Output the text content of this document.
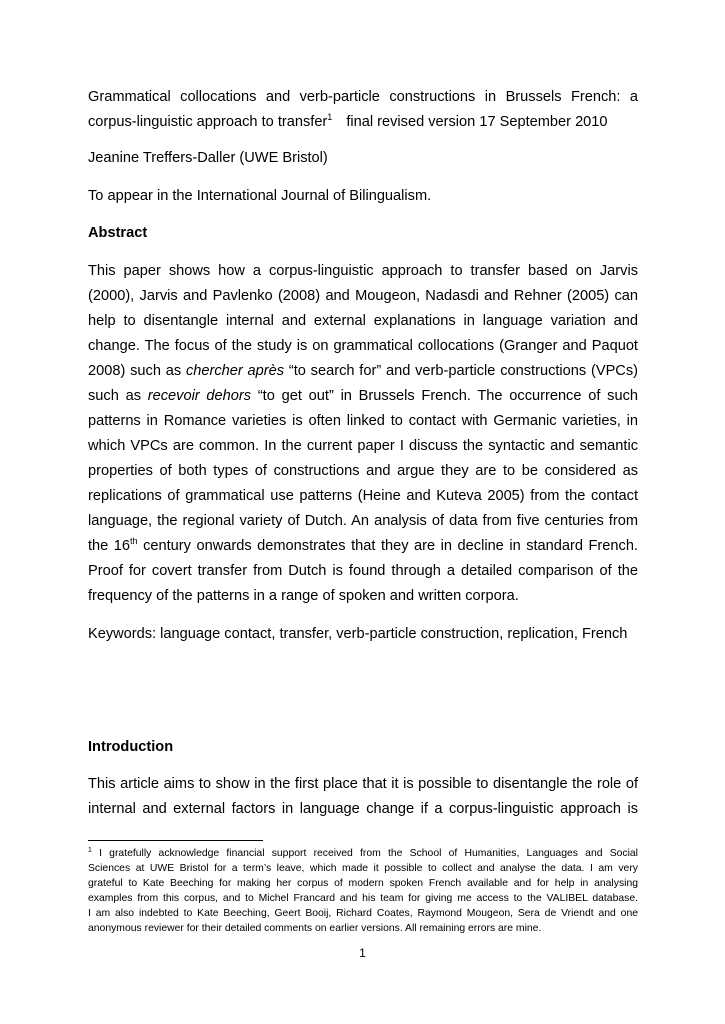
Grammatical collocations and verb-particle constructions in Brussels French: a
corpus-linguistic approach to transfer$^1$ final revised version 17 September 2010
Jeanine Treffers-Daller (UWE Bristol)
To appear in the International Journal of Bilingualism.
Abstract
This paper shows how a corpus-linguistic approach to transfer based on Jarvis
(2000), Jarvis and Pavlenko (2008) and Mougeon, Nadasdi and Rehner (2005) can
help to disentangle internal and external explanations in language variation and
change. The focus of the study is on grammatical collocations (Granger and Paquot
2008) such as chercher après “to search for” and verb-particle constructions (VPCs)
such as recevoir dehors “to get out” in Brussels French. The occurrence of such
patterns in Romance varieties is often linked to contact with Germanic varieties, in
which VPCs are common. In the current paper I discuss the syntactic and semantic
properties of both types of constructions and argue they are to be considered as
replications of grammatical use patterns (Heine and Kuteva 2005) from the contact
language, the regional variety of Dutch. An analysis of data from five centuries from
the 16th century onwards demonstrates that they are in decline in standard French.
Proof for covert transfer from Dutch is found through a detailed comparison of the
frequency of the patterns in a range of spoken and written corpora.
Keywords: language contact, transfer, verb-particle construction, replication, French
Introduction
This article aims to show in the first place that it is possible to disentangle the role of
internal and external factors in language change if a corpus-linguistic approach is
$^1$ I gratefully acknowledge financial support received from the School of Humanities, Languages and Social
Sciences at UWE Bristol for a term’s leave, which made it possible to collect and analyse the data. I am very
grateful to Kate Beeching for making her corpus of modern spoken French available and for help in analysing
examples from this corpus, and to Michel Francard and his team for giving me access to the VALIBEL database.
I am also indebted to Kate Beeching, Geert Booij, Richard Coates, Raymond Mougeon, Sera de Vriendt and one
anonymous reviewer for their detailed comments on earlier versions. All remaining errors are mine.
1
